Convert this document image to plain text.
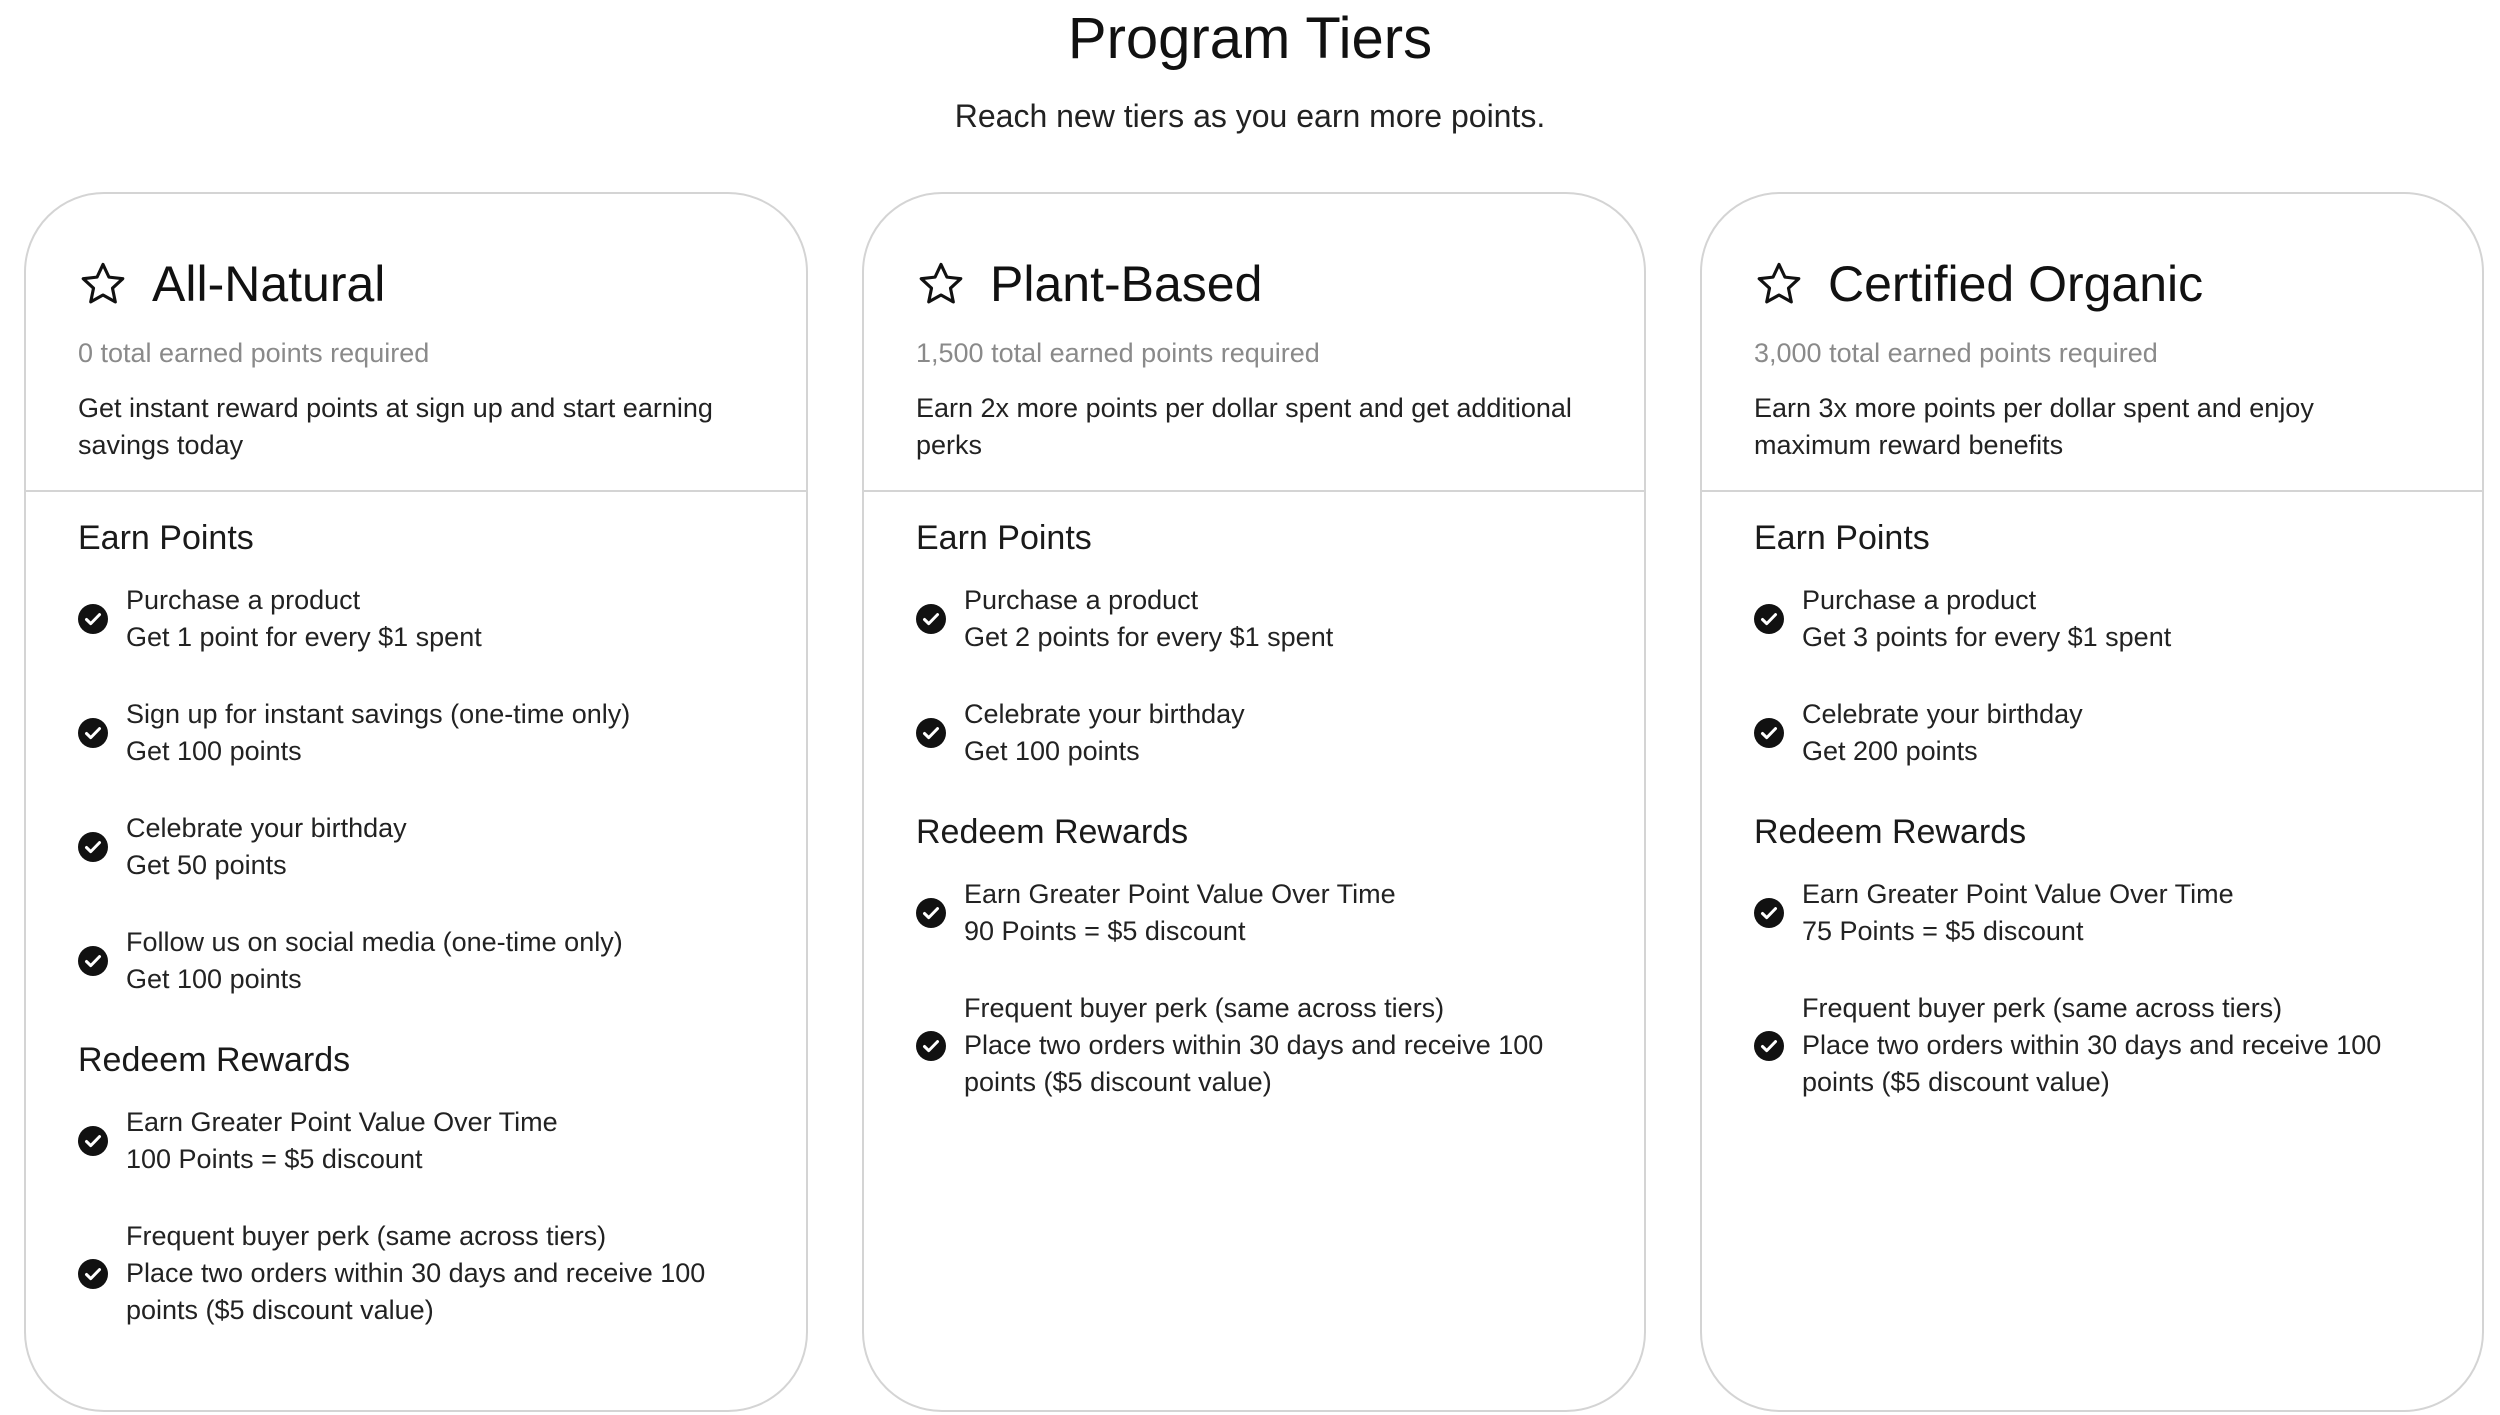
Program Tiers

Reach new tiers as you earn more points.

All-Natural
0 total earned points required
Get instant reward points at sign up and start earning savings today
Earn Points
Purchase a product
Get 1 point for every $1 spent
Sign up for instant savings (one-time only)
Get 100 points
Celebrate your birthday
Get 50 points
Follow us on social media (one-time only)
Get 100 points
Redeem Rewards
Earn Greater Point Value Over Time
100 Points = $5 discount
Frequent buyer perk (same across tiers)
Place two orders within 30 days and receive 100 points ($5 discount value)
Plant-Based
1,500 total earned points required
Earn 2x more points per dollar spent and get additional perks
Earn Points
Purchase a product
Get 2 points for every $1 spent
Celebrate your birthday
Get 100 points
Redeem Rewards
Earn Greater Point Value Over Time
90 Points = $5 discount
Frequent buyer perk (same across tiers)
Place two orders within 30 days and receive 100 points ($5 discount value)
Certified Organic
3,000 total earned points required
Earn 3x more points per dollar spent and enjoy maximum reward benefits
Earn Points
Purchase a product
Get 3 points for every $1 spent
Celebrate your birthday
Get 200 points
Redeem Rewards
Earn Greater Point Value Over Time
75 Points = $5 discount
Frequent buyer perk (same across tiers)
Place two orders within 30 days and receive 100 points ($5 discount value)
